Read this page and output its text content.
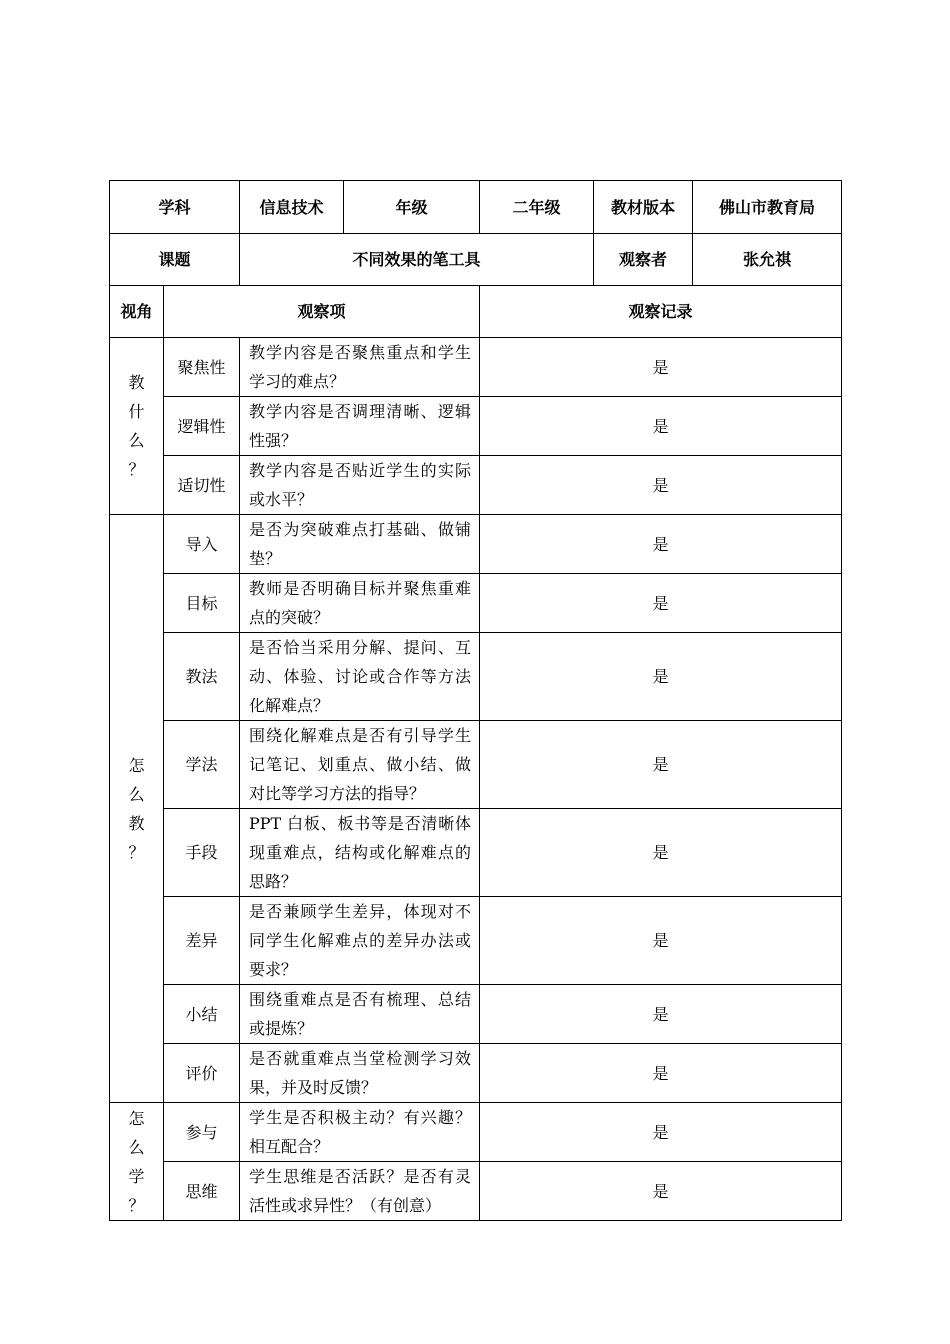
学科		信息技术	年级	二年级	教材版本	佛山市教育局
课题		不同效果的笔工具			观察者	张允祺
视角	观察项			观察记录		

教
什
么
？	聚焦性	教学内容是否聚焦重点和学生学习的难点？		是		
	逻辑性	教学内容是否调理清晰、逻辑性强？		是		
	适切性	教学内容是否贴近学生的实际或水平？		是		

怎
么
教
？	导入	是否为突破难点打基础、做铺垫？		是		
	目标	教师是否明确目标并聚焦重难点的突破？		是		
	教法	是否恰当采用分解、提问、互动、体验、讨论或合作等方法化解难点？		是		
	学法	围绕化解难点是否有引导学生记笔记、划重点、做小结、做对比等学习方法的指导？		是		
	手段	PPT 白板、板书等是否清晰体现重难点，结构或化解难点的思路？		是		
	差异	是否兼顾学生差异，体现对不同学生化解难点的差异办法或要求？		是		
	小结	围绕重难点是否有梳理、总结或提炼？		是		
	评价	是否就重难点当堂检测学习效果，并及时反馈？		是		

怎
么
学
？	参与	学生是否积极主动？有兴趣？相互配合？		是		
	思维	学生思维是否活跃？是否有灵活性或求异性？（有创意）		是		
